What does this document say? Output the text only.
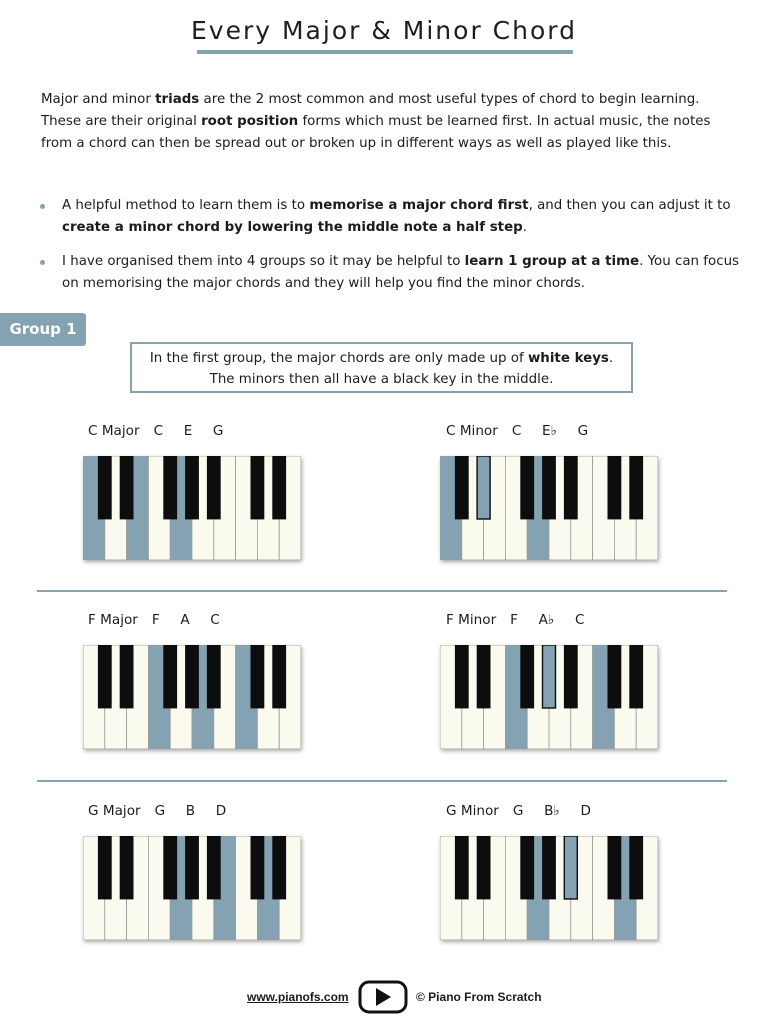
Every Major & Minor Chord

Major and minor triads are the 2 most common and most useful types of chord to begin learning. These are their original root position forms which must be learned first. In actual music, the notes from a chord can then be spread out or broken up in different ways as well as played like this.

A helpful method to learn them is to memorise a major chord first, and then you can adjust it to create a minor chord by lowering the middle note a half step.
I have organised them into 4 groups so it may be helpful to learn 1 group at a time. You can focus on memorising the major chords and they will help you find the minor chords.
Group 1
In the first group, the major chords are only made up of white keys.
The minors then all have a black key in the middle.
C Major C  E  G	C Minor C  E♭  G
F Major F  A  C	F Minor F  A♭  C
G Major G  B  D	G Minor G  B♭  D
www.pianofs.com	© Piano From Scratch
